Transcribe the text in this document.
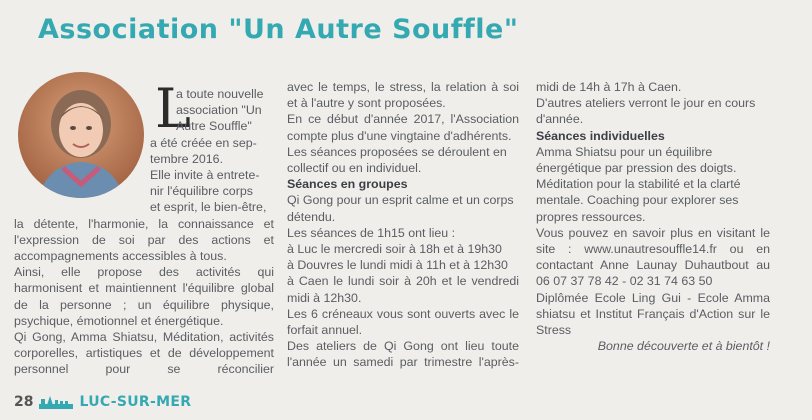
Association "Un Autre Souffle"
L

a toute nouvelle

association "Un

Autre Souffle"

a été créée en sep-

tembre 2016.

Elle invite à entrete-

nir l'équilibre corps

et esprit, le bien-être,

la détente, l'harmonie, la connaissance et l'expression de soi par des actions et accompagnements accessibles à tous.

Ainsi, elle propose des activités qui harmonisent et maintiennent l'équilibre global de la personne ; un équilibre physique, psychique, émotionnel et énergétique.

Qi Gong, Amma Shiatsu, Méditation, activités corporelles, artistiques et de développement personnel pour se réconcilier

avec le temps, le stress, la relation à soi et à l'autre y sont proposées.

En ce début d'année 2017, l'Association compte plus d'une vingtaine d'adhérents.

Les séances proposées se déroulent en collectif ou en individuel.

Séances en groupes

Qi Gong pour un esprit calme et un corps détendu.

Les séances de 1h15 ont lieu :

à Luc le mercredi soir à 18h et à 19h30

à Douvres le lundi midi à 11h et à 12h30

à Caen le lundi soir à 20h et le vendredi midi à 12h30.

Les 6 créneaux vous sont ouverts avec le forfait annuel.

Des ateliers de Qi Gong ont lieu toute l'année un samedi par trimestre l'après-

midi de 14h à 17h à Caen.

D'autres ateliers verront le jour en cours d'année.

Séances individuelles

Amma Shiatsu pour un équilibre énergétique par pression des doigts.

Méditation pour la stabilité et la clarté mentale. Coaching pour explorer ses propres ressources.

Vous pouvez en savoir plus en visitant le site : www.unautresouffle14.fr ou en contactant Anne Launay Duhautbout au 06 07 37 78 42 - 02 31 74 63 50

Diplômée Ecole Ling Gui - Ecole Amma shiatsu et Institut Français d'Action sur le Stress

Bonne découverte et à bientôt !

28	LUC-SUR-MER
